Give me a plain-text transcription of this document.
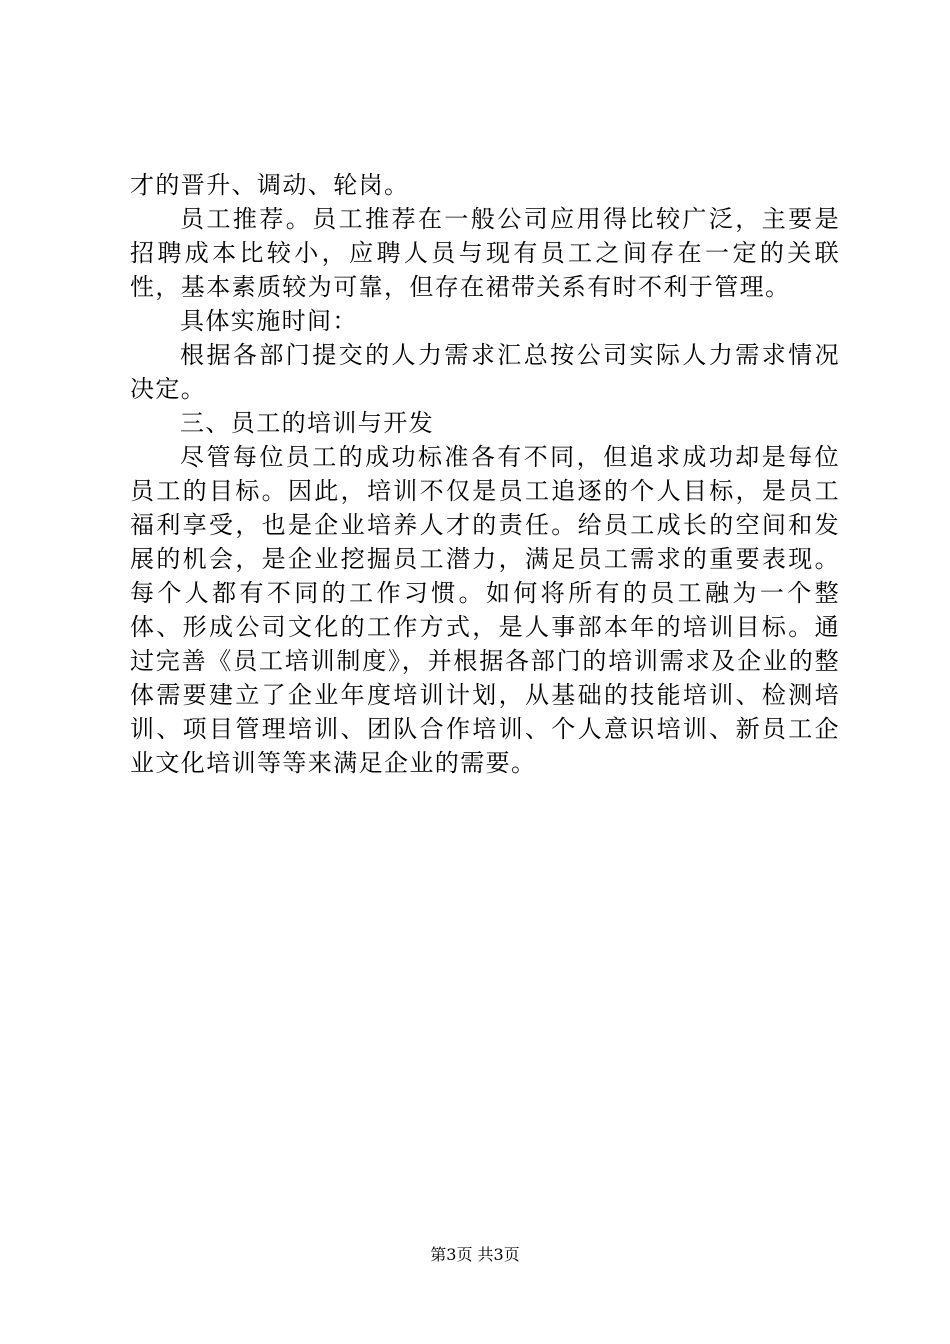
才的晋升、调动、轮岗。

员工推荐。员工推荐在一般公司应用得比较广泛，主要是招聘成本比较小，应聘人员与现有员工之间存在一定的关联性，基本素质较为可靠，但存在裙带关系有时不利于管理。

具体实施时间：

根据各部门提交的人力需求汇总按公司实际人力需求情况决定。

三、员工的培训与开发

尽管每位员工的成功标准各有不同，但追求成功却是每位员工的目标。因此，培训不仅是员工追逐的个人目标，是员工福利享受，也是企业培养人才的责任。给员工成长的空间和发展的机会，是企业挖掘员工潜力，满足员工需求的重要表现。每个人都有不同的工作习惯。如何将所有的员工融为一个整体、形成公司文化的工作方式，是人事部本年的培训目标。通过完善《员工培训制度》，并根据各部门的培训需求及企业的整体需要建立了企业年度培训计划，从基础的技能培训、检测培训、项目管理培训、团队合作培训、个人意识培训、新员工企业文化培训等等来满足企业的需要。

第3页 共3页
